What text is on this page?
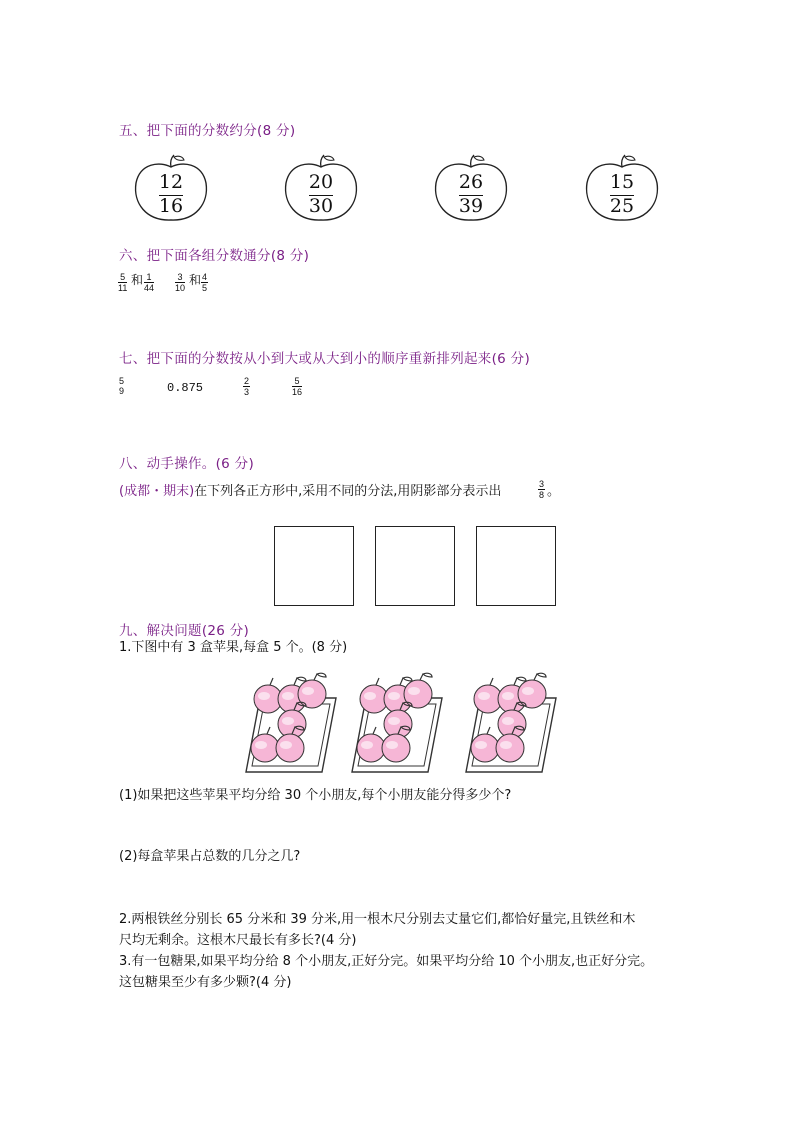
五、把下面的分数约分(8 分)
12
16
20
30
26
39
15
25
六、把下面各组分数通分(8 分)
$\frac{5}{11}$ 和 $\frac{1}{44} \frac{3}{10}$ 和 $\frac{4}{5}$
七、把下面的分数按从小到大或从大到小的顺序重新排列起来(6 分)
5
9	0.875	$\frac{2}{3}$	$\frac{5}{16}$
八、动手操作。(6 分)
(成都・期末)在下列各正方形中,采用不同的分法,用阴影部分表示出	$\frac{3}{8}$ 。
九、解决问题(26 分)
1.下图中有 3 盒苹果,每盒 5 个。(8 分)
(1)如果把这些苹果平均分给 30 个小朋友,每个小朋友能分得多少个?
(2)每盒苹果占总数的几分之几?
2.两根铁丝分别长 65 分米和 39 分米,用一根木尺分别去丈量它们,都恰好量完,且铁丝和木
尺均无剩余。这根木尺最长有多长?(4 分)
3.有一包糖果,如果平均分给 8 个小朋友,正好分完。如果平均分给 10 个小朋友,也正好分完。
这包糖果至少有多少颗?(4 分)
